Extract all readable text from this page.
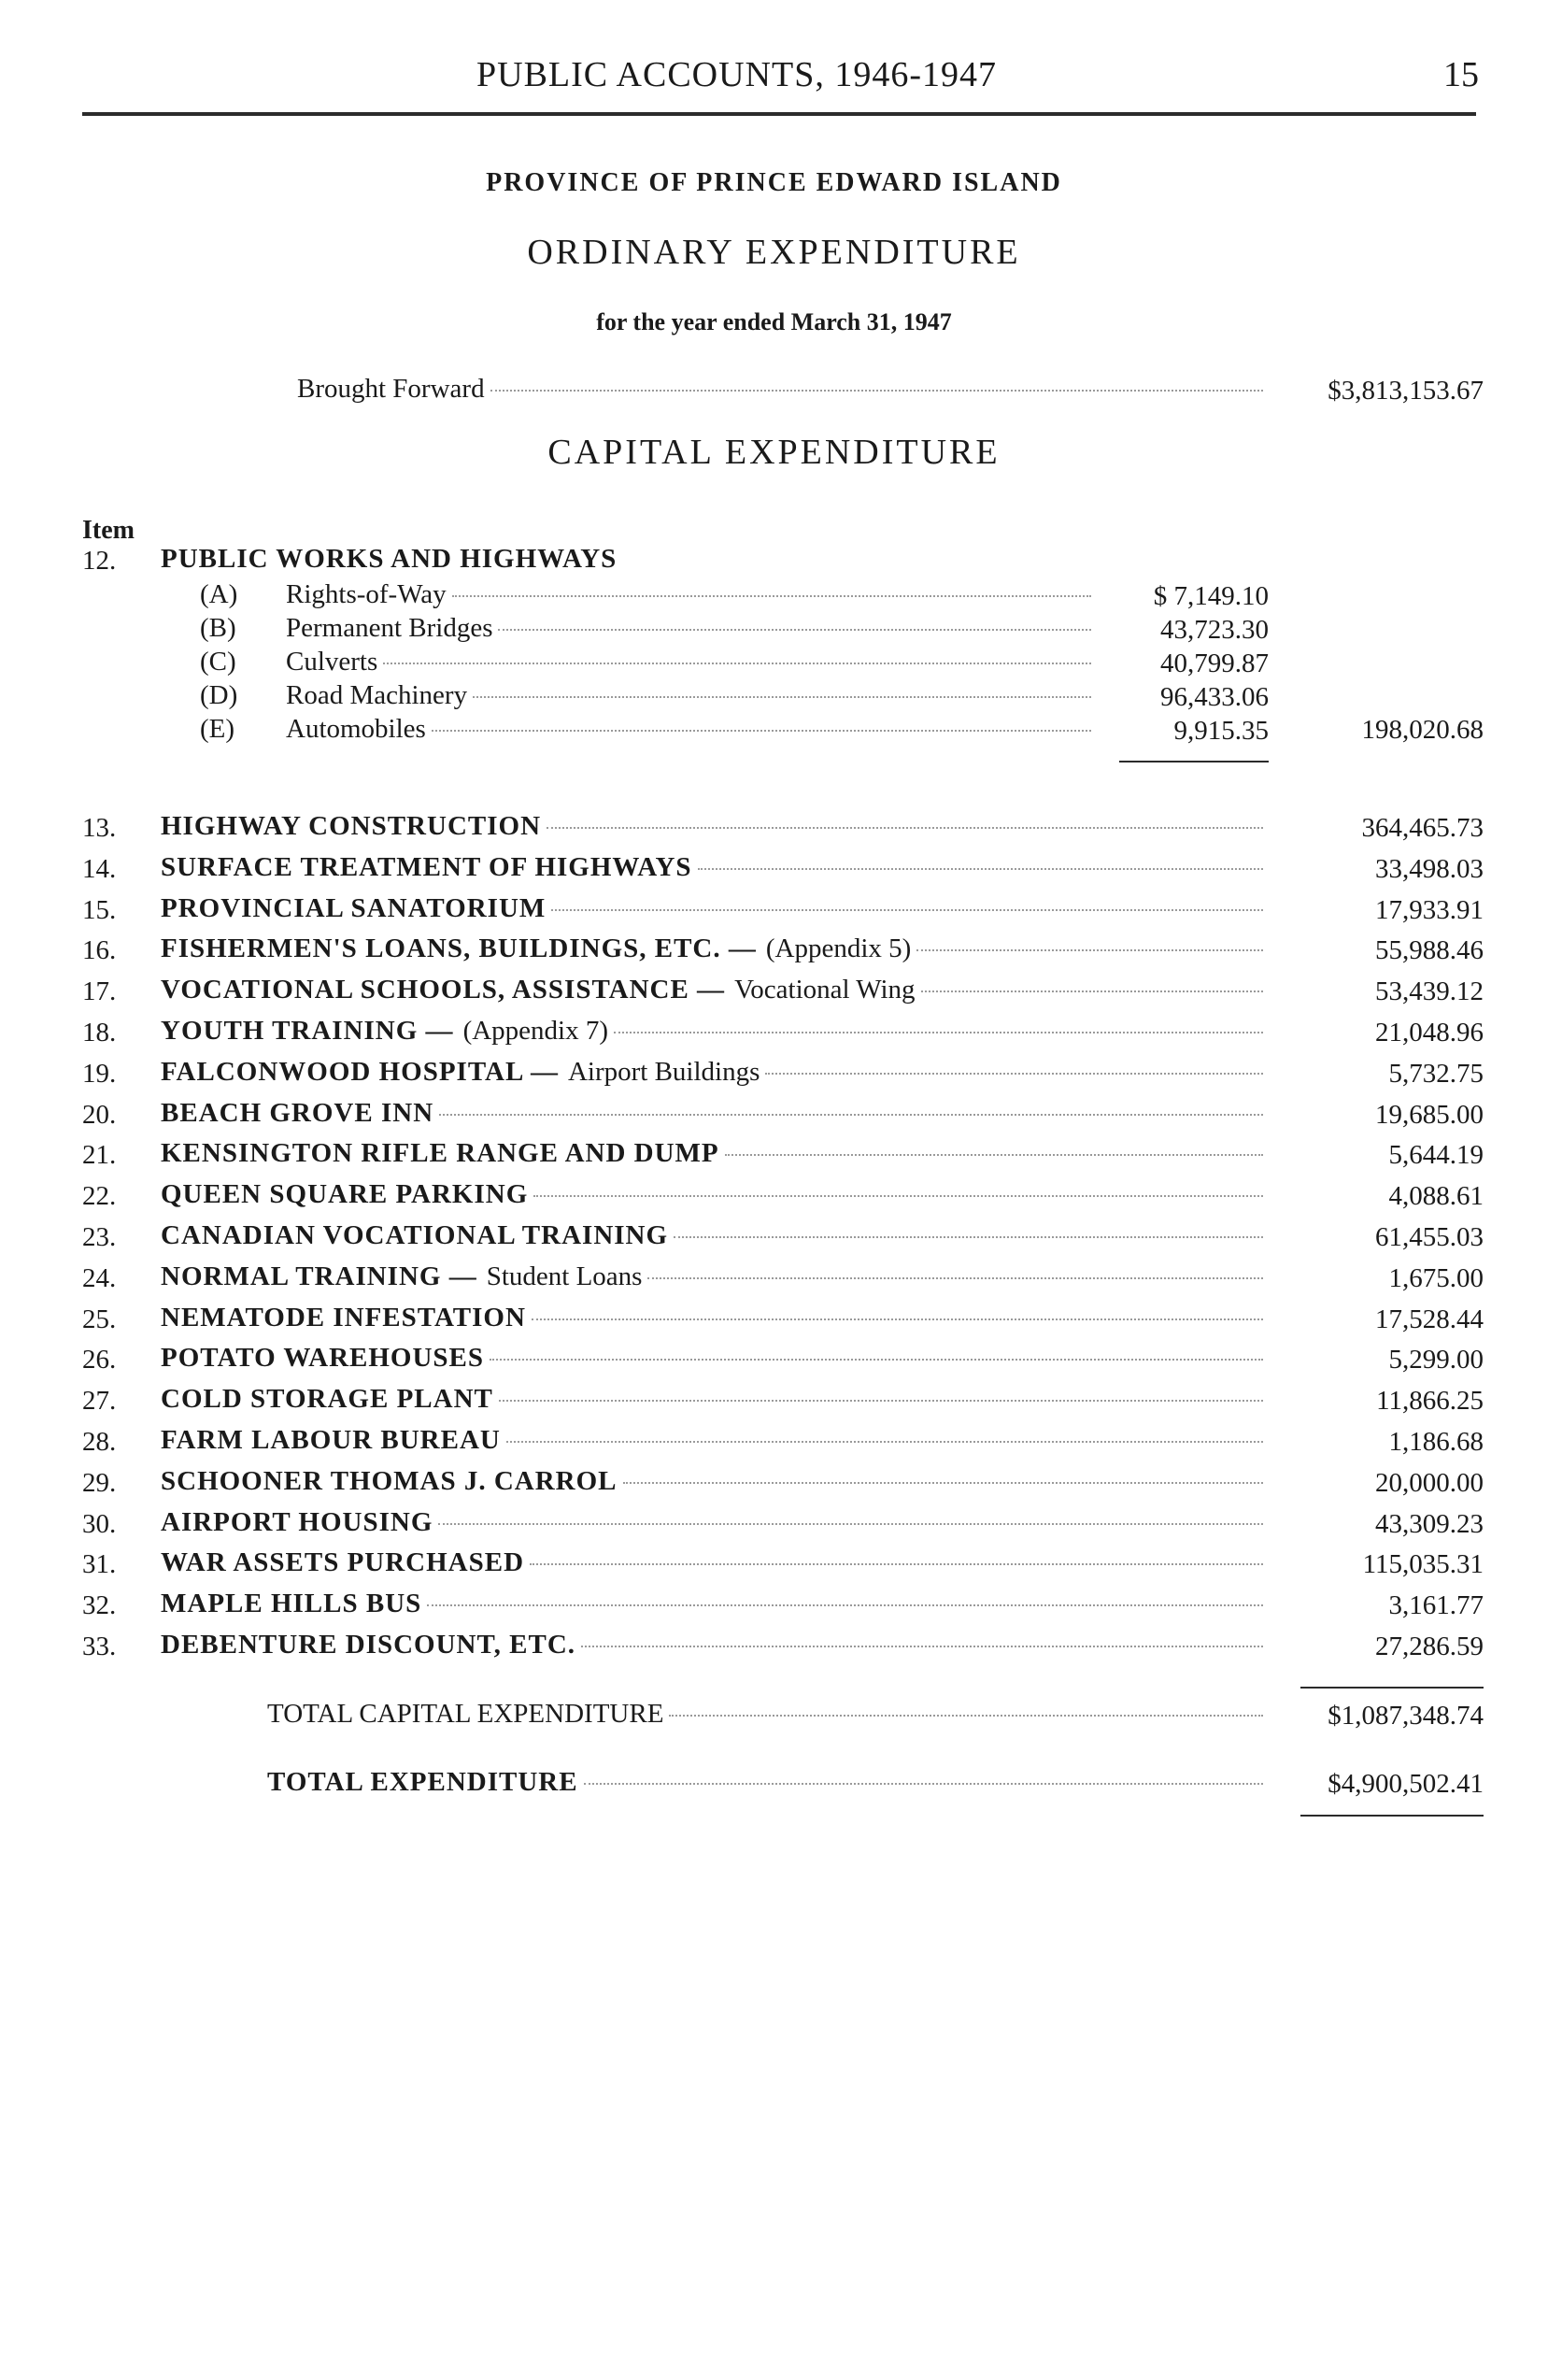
PUBLIC ACCOUNTS, 1946-1947	15
PROVINCE OF PRINCE EDWARD ISLAND
ORDINARY EXPENDITURE
for the year ended March 31, 1947
Brought Forward	$3,813,153.67
CAPITAL EXPENDITURE
Item
12. PUBLIC WORKS AND HIGHWAYS
(A)	Rights-of-Way	$ 7,149.10
(B)	Permanent Bridges	43,723.30
(C)	Culverts	40,799.87
(D)	Road Machinery	96,433.06
(E)	Automobiles	9,915.35	198,020.68
13. HIGHWAY CONSTRUCTION	364,465.73
14. SURFACE TREATMENT OF HIGHWAYS	33,498.03
15. PROVINCIAL SANATORIUM	17,933.91
16. FISHERMEN'S LOANS, BUILDINGS, ETC. — (Appendix 5)	55,988.46
17. VOCATIONAL SCHOOLS, ASSISTANCE — Vocational Wing	53,439.12
18. YOUTH TRAINING — (Appendix 7)	21,048.96
19. FALCONWOOD HOSPITAL — Airport Buildings	5,732.75
20. BEACH GROVE INN	19,685.00
21. KENSINGTON RIFLE RANGE AND DUMP	5,644.19
22. QUEEN SQUARE PARKING	4,088.61
23. CANADIAN VOCATIONAL TRAINING	61,455.03
24. NORMAL TRAINING — Student Loans	1,675.00
25. NEMATODE INFESTATION	17,528.44
26. POTATO WAREHOUSES	5,299.00
27. COLD STORAGE PLANT	11,866.25
28. FARM LABOUR BUREAU	1,186.68
29. SCHOONER THOMAS J. CARROL	20,000.00
30. AIRPORT HOUSING	43,309.23
31. WAR ASSETS PURCHASED	115,035.31
32. MAPLE HILLS BUS	3,161.77
33. DEBENTURE DISCOUNT, ETC.	27,286.59
TOTAL CAPITAL EXPENDITURE	$1,087,348.74
TOTAL EXPENDITURE	$4,900,502.41
